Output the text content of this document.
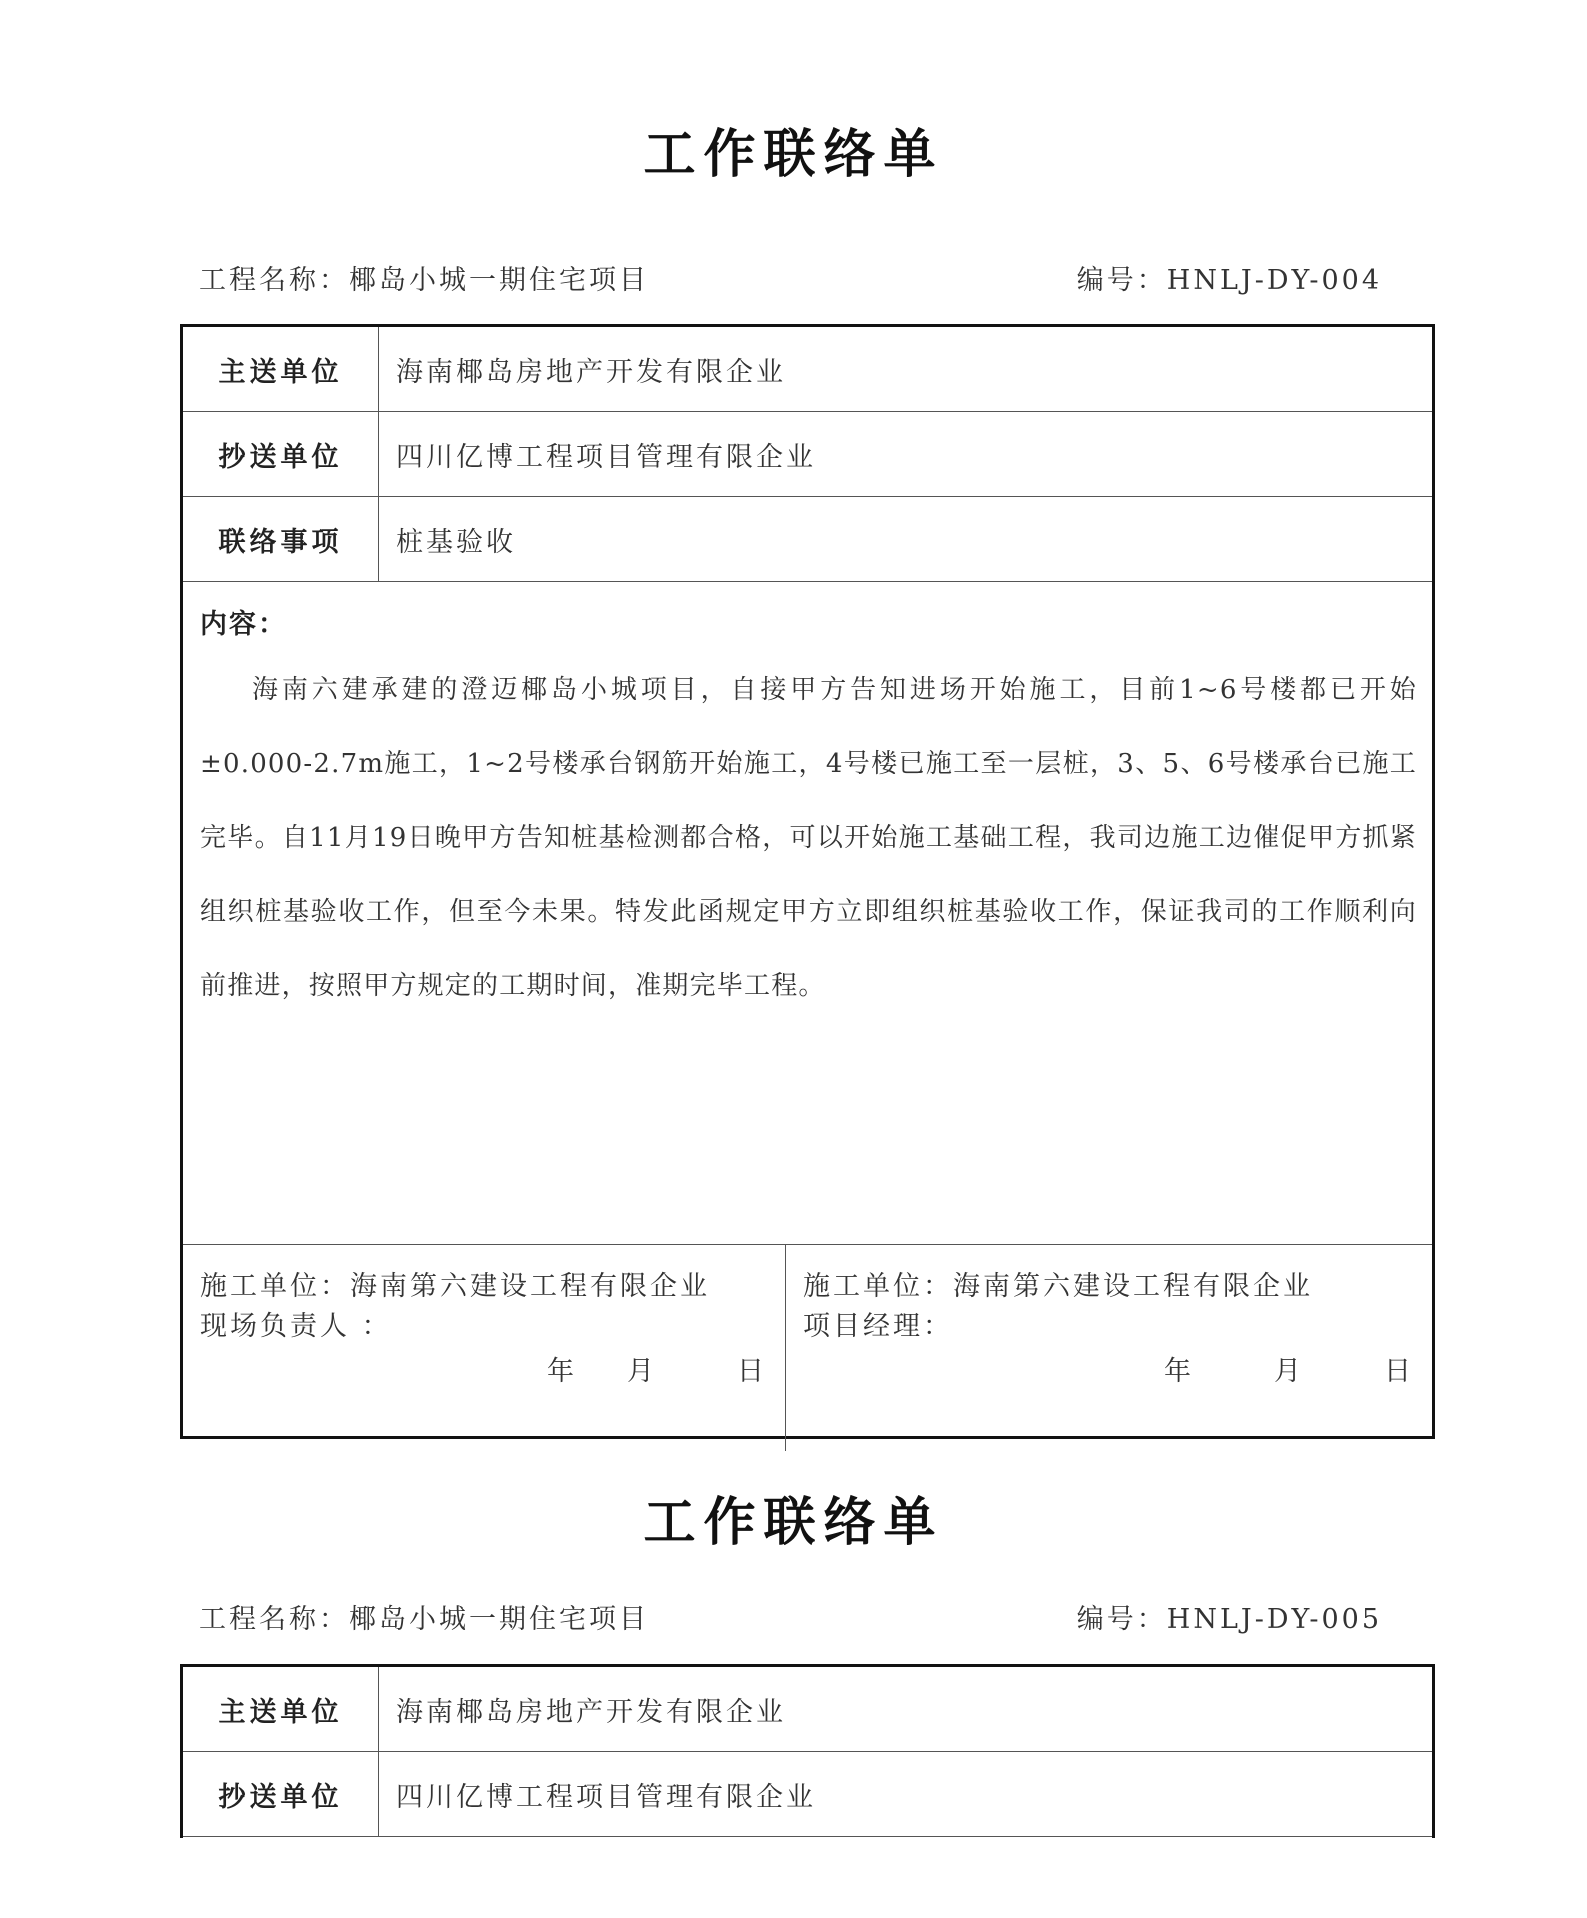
工作联络单
工程名称：椰岛小城一期住宅项目	编号：HNLJ-DY-004
主送单位	海南椰岛房地产开发有限企业
抄送单位	四川亿博工程项目管理有限企业
联络事项	桩基验收
内容：

海南六建承建的澄迈椰岛小城项目，自接甲方告知进场开始施工，目前1~6号楼都已开始±0.000-2.7m施工，1~2号楼承台钢筋开始施工，4号楼已施工至一层桩，3、5、6号楼承台已施工完毕。自11月19日晚甲方告知桩基检测都合格，可以开始施工基础工程，我司边施工边催促甲方抓紧组织桩基验收工作，但至今未果。特发此函规定甲方立即组织桩基验收工作，保证我司的工作顺利向前推进，按照甲方规定的工期时间，准期完毕工程。

施工单位：海南第六建设工程有限企业
现场负责人 ：
年 月	日
施工单位：海南第六建设工程有限企业
项目经理：
年	月	日
工作联络单
工程名称：椰岛小城一期住宅项目	编号：HNLJ-DY-005
主送单位	海南椰岛房地产开发有限企业
抄送单位	四川亿博工程项目管理有限企业
